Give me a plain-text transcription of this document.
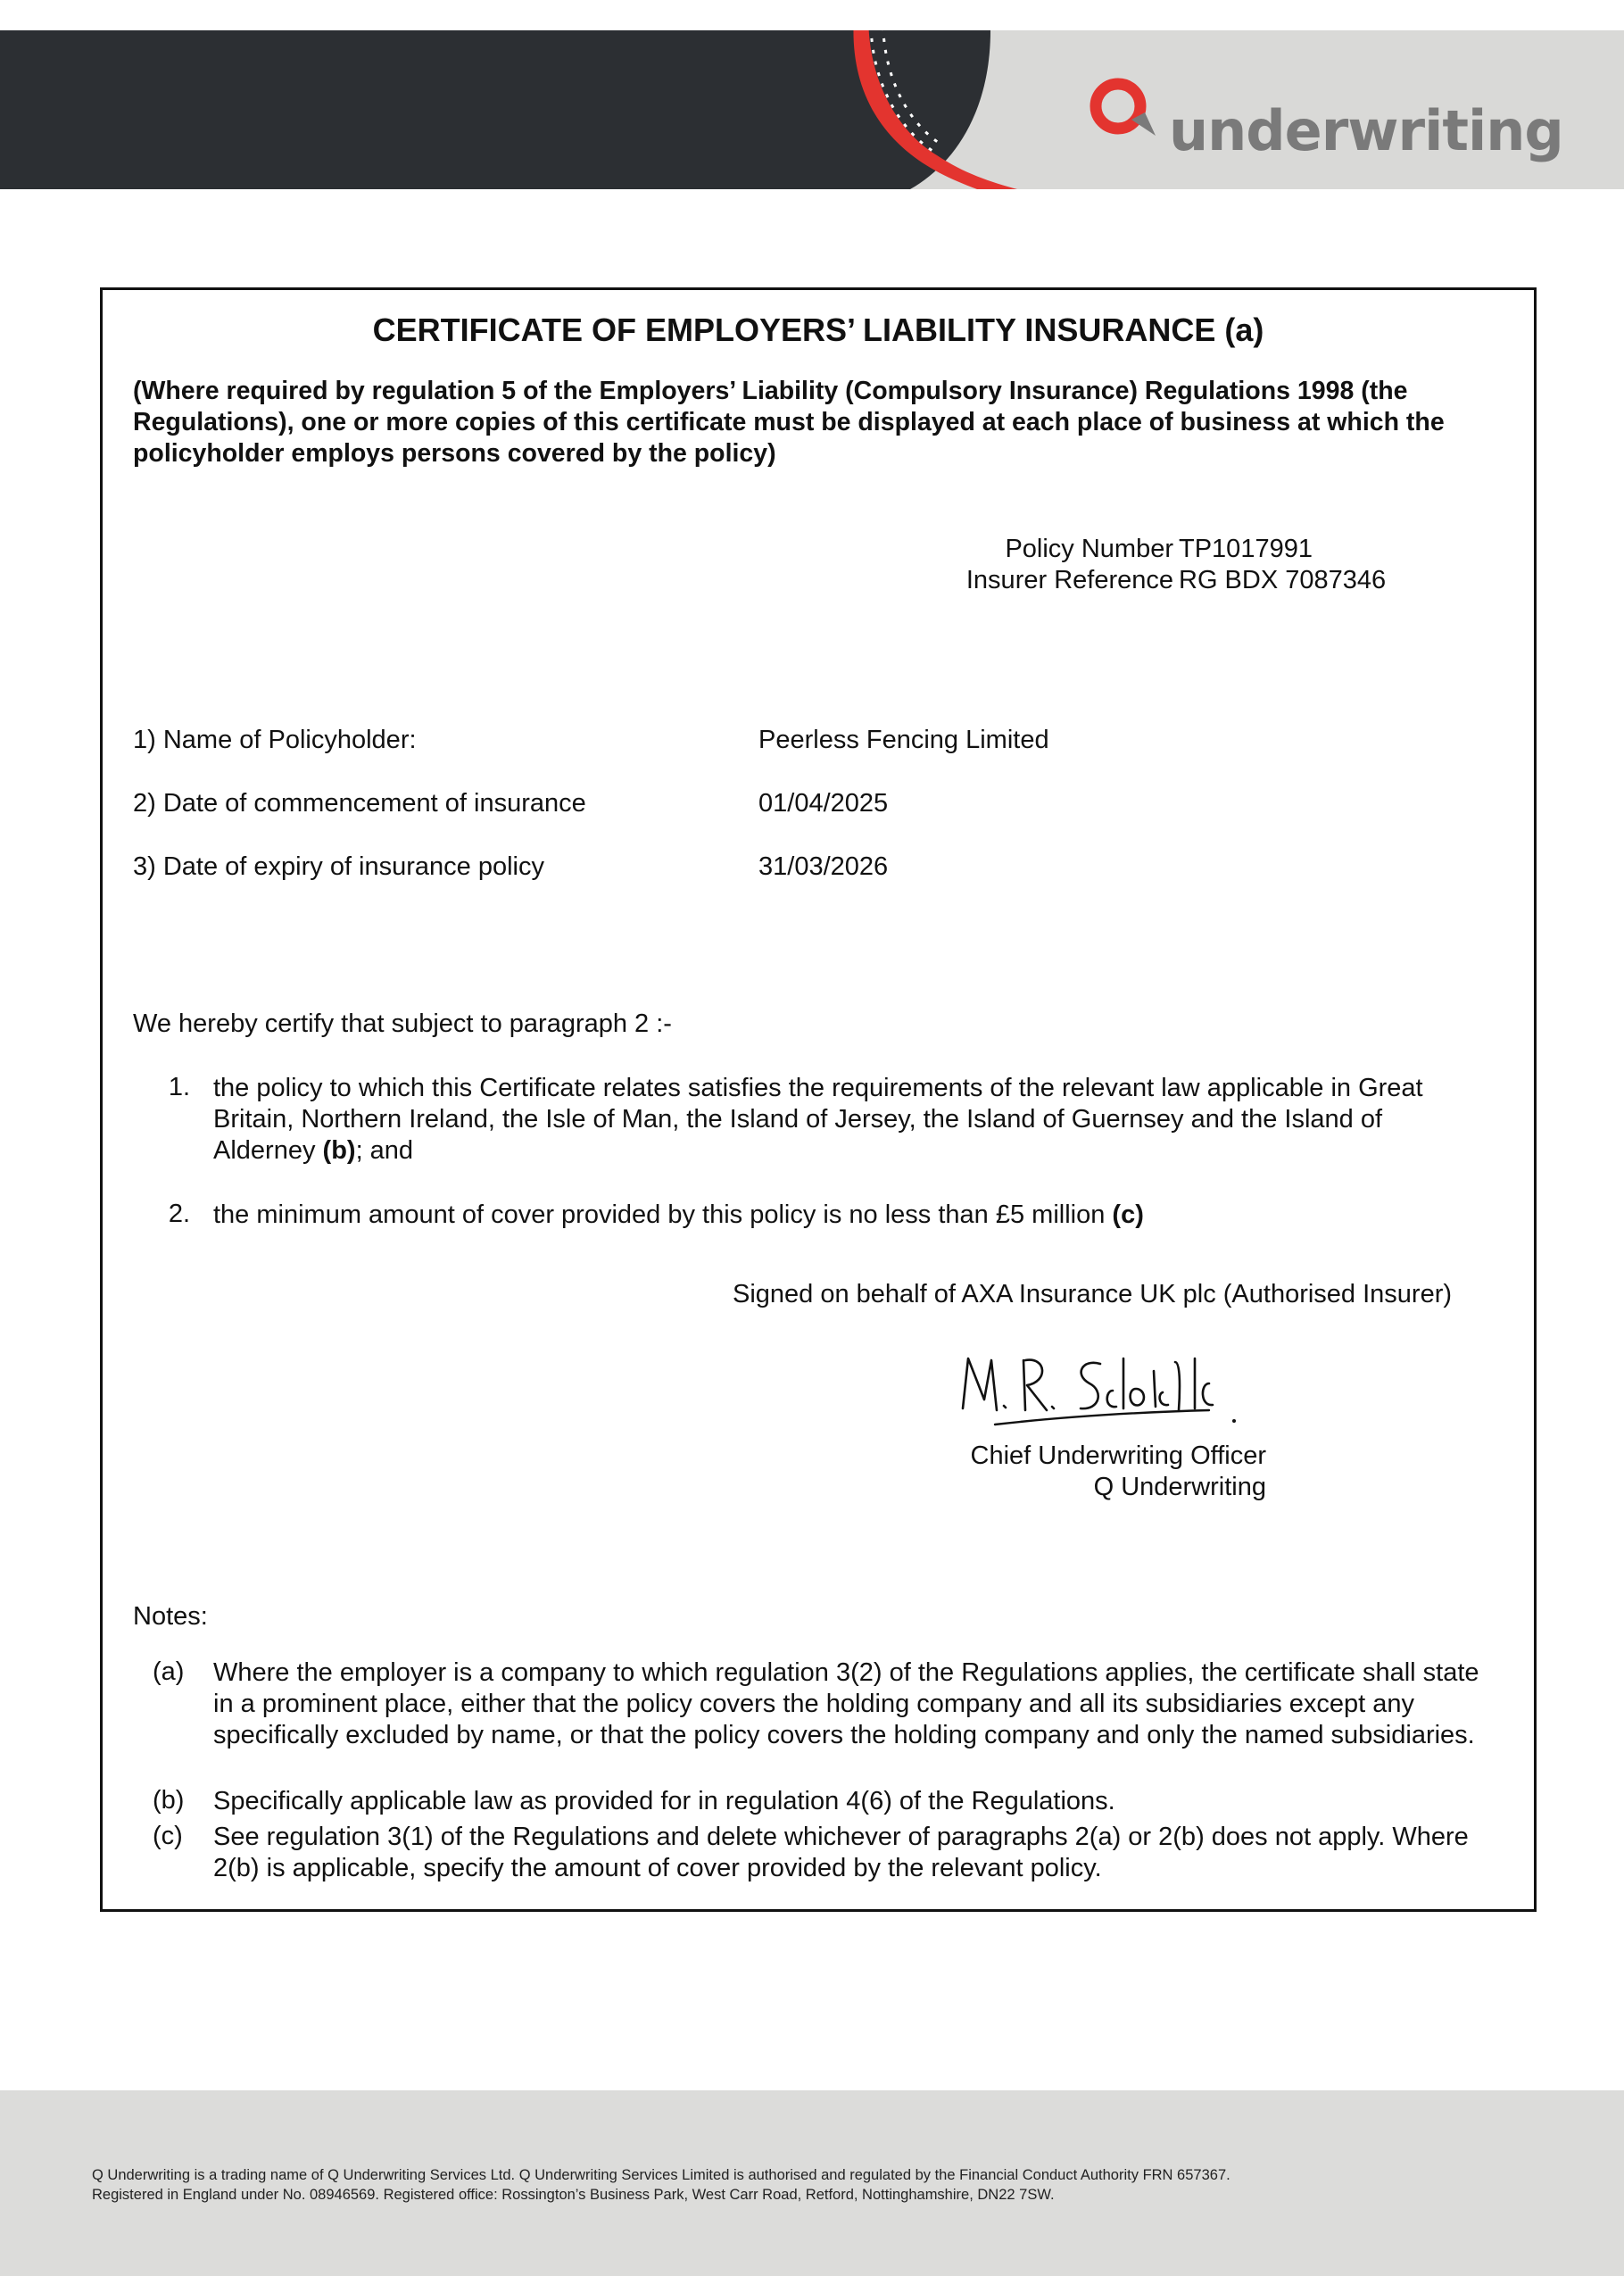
underwriting
CERTIFICATE OF EMPLOYERS’ LIABILITY INSURANCE (a)
(Where required by regulation 5 of the Employers’ Liability (Compulsory Insurance) Regulations 1998 (the Regulations), one or more copies of this certificate must be displayed at each place of business at which the policyholder employs persons covered by the policy)
Policy Number TP1017991
Insurer Reference RG BDX 7087346
1) Name of Policyholder:	Peerless Fencing Limited
2) Date of commencement of insurance	01/04/2025
3) Date of expiry of insurance policy	31/03/2026
We hereby certify that subject to paragraph 2 :-
1. the policy to which this Certificate relates satisfies the requirements of the relevant law applicable in Great Britain, Northern Ireland, the Isle of Man, the Island of Jersey, the Island of Guernsey and the Island of Alderney (b); and
2. the minimum amount of cover provided by this policy is no less than £5 million (c)
Signed on behalf of AXA Insurance UK plc (Authorised Insurer)
Chief Underwriting Officer
Q Underwriting
Notes:
(a) Where the employer is a company to which regulation 3(2) of the Regulations applies, the certificate shall state in a prominent place, either that the policy covers the holding company and all its subsidiaries except any specifically excluded by name, or that the policy covers the holding company and only the named subsidiaries.
(b) Specifically applicable law as provided for in regulation 4(6) of the Regulations.
(c) See regulation 3(1) of the Regulations and delete whichever of paragraphs 2(a) or 2(b) does not apply. Where 2(b) is applicable, specify the amount of cover provided by the relevant policy.
Q Underwriting is a trading name of Q Underwriting Services Ltd. Q Underwriting Services Limited is authorised and regulated by the Financial Conduct Authority FRN 657367.
Registered in England under No. 08946569. Registered office: Rossington’s Business Park, West Carr Road, Retford, Nottinghamshire, DN22 7SW.
